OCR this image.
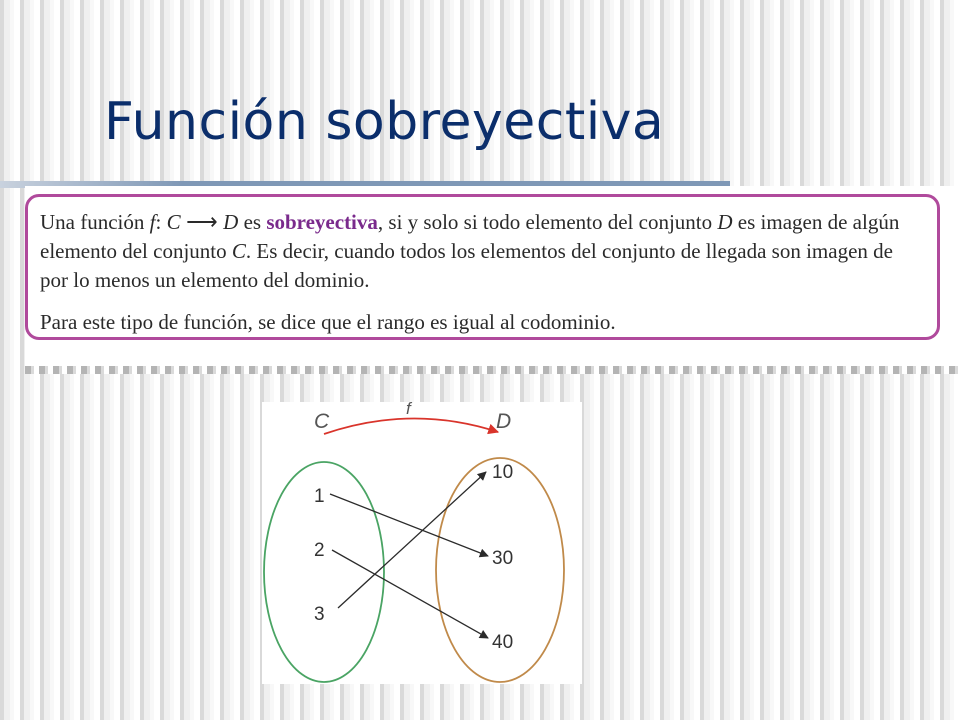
Función sobreyectiva

Una función f: C ⟶ D es sobreyectiva, si y solo si todo elemento del conjunto D es imagen de algún elemento del conjunto C. Es decir, cuando todos los elementos del conjunto de llegada son imagen de por lo menos un elemento del dominio.

Para este tipo de función, se dice que el rango es igual al codominio.

C	D
f
1
2
3
10
30
40
